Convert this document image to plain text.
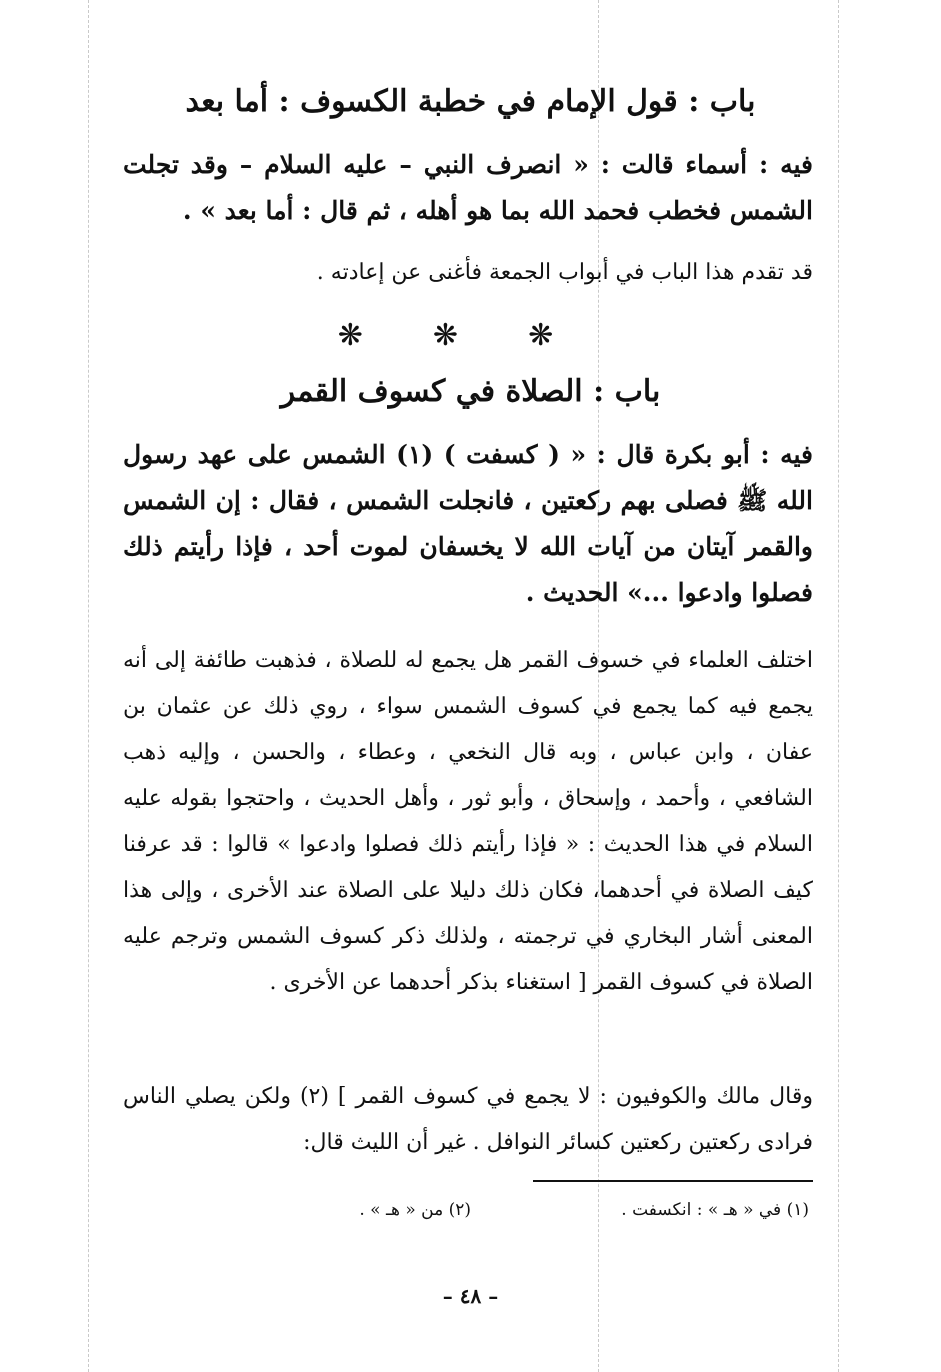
باب : قول الإمام في خطبة الكسوف : أما بعد
فيه : أسماء قالت : « انصرف النبي – عليه السلام – وقد تجلت الشمس فخطب فحمد الله بما هو أهله ، ثم قال : أما بعد » .
قد تقدم هذا الباب في أبواب الجمعة فأغنى عن إعادته .
❋ ❋ ❋
باب : الصلاة في كسوف القمر
فيه : أبو بكرة قال : « ( كسفت ) (١) الشمس على عهد رسول الله ﷺ فصلى بهم ركعتين ، فانجلت الشمس ، فقال : إن الشمس والقمر آيتان من آيات الله لا يخسفان لموت أحد ، فإذا رأيتم ذلك فصلوا وادعوا ...» الحديث .
اختلف العلماء في خسوف القمر هل يجمع له للصلاة ، فذهبت طائفة إلى أنه يجمع فيه كما يجمع في كسوف الشمس سواء ، روي ذلك عن عثمان بن عفان ، وابن عباس ، وبه قال النخعي ، وعطاء ، والحسن ، وإليه ذهب الشافعي ، وأحمد ، وإسحاق ، وأبو ثور ، وأهل الحديث ، واحتجوا بقوله عليه السلام في هذا الحديث : « فإذا رأيتم ذلك فصلوا وادعوا » قالوا : قد عرفنا كيف الصلاة في أحدهما، فكان ذلك دليلا على الصلاة عند الأخرى ، وإلى هذا المعنى أشار البخاري في ترجمته ، ولذلك ذكر كسوف الشمس وترجم عليه الصلاة في كسوف القمر [ استغناء بذكر أحدهما عن الأخرى .
وقال مالك والكوفيون : لا يجمع في كسوف القمر ] (٢) ولكن يصلي الناس فرادى ركعتين ركعتين كسائر النوافل . غير أن الليث قال:
(١) في « هـ » : انكسفت .
(٢) من « هـ » .
– ٤٨ –
